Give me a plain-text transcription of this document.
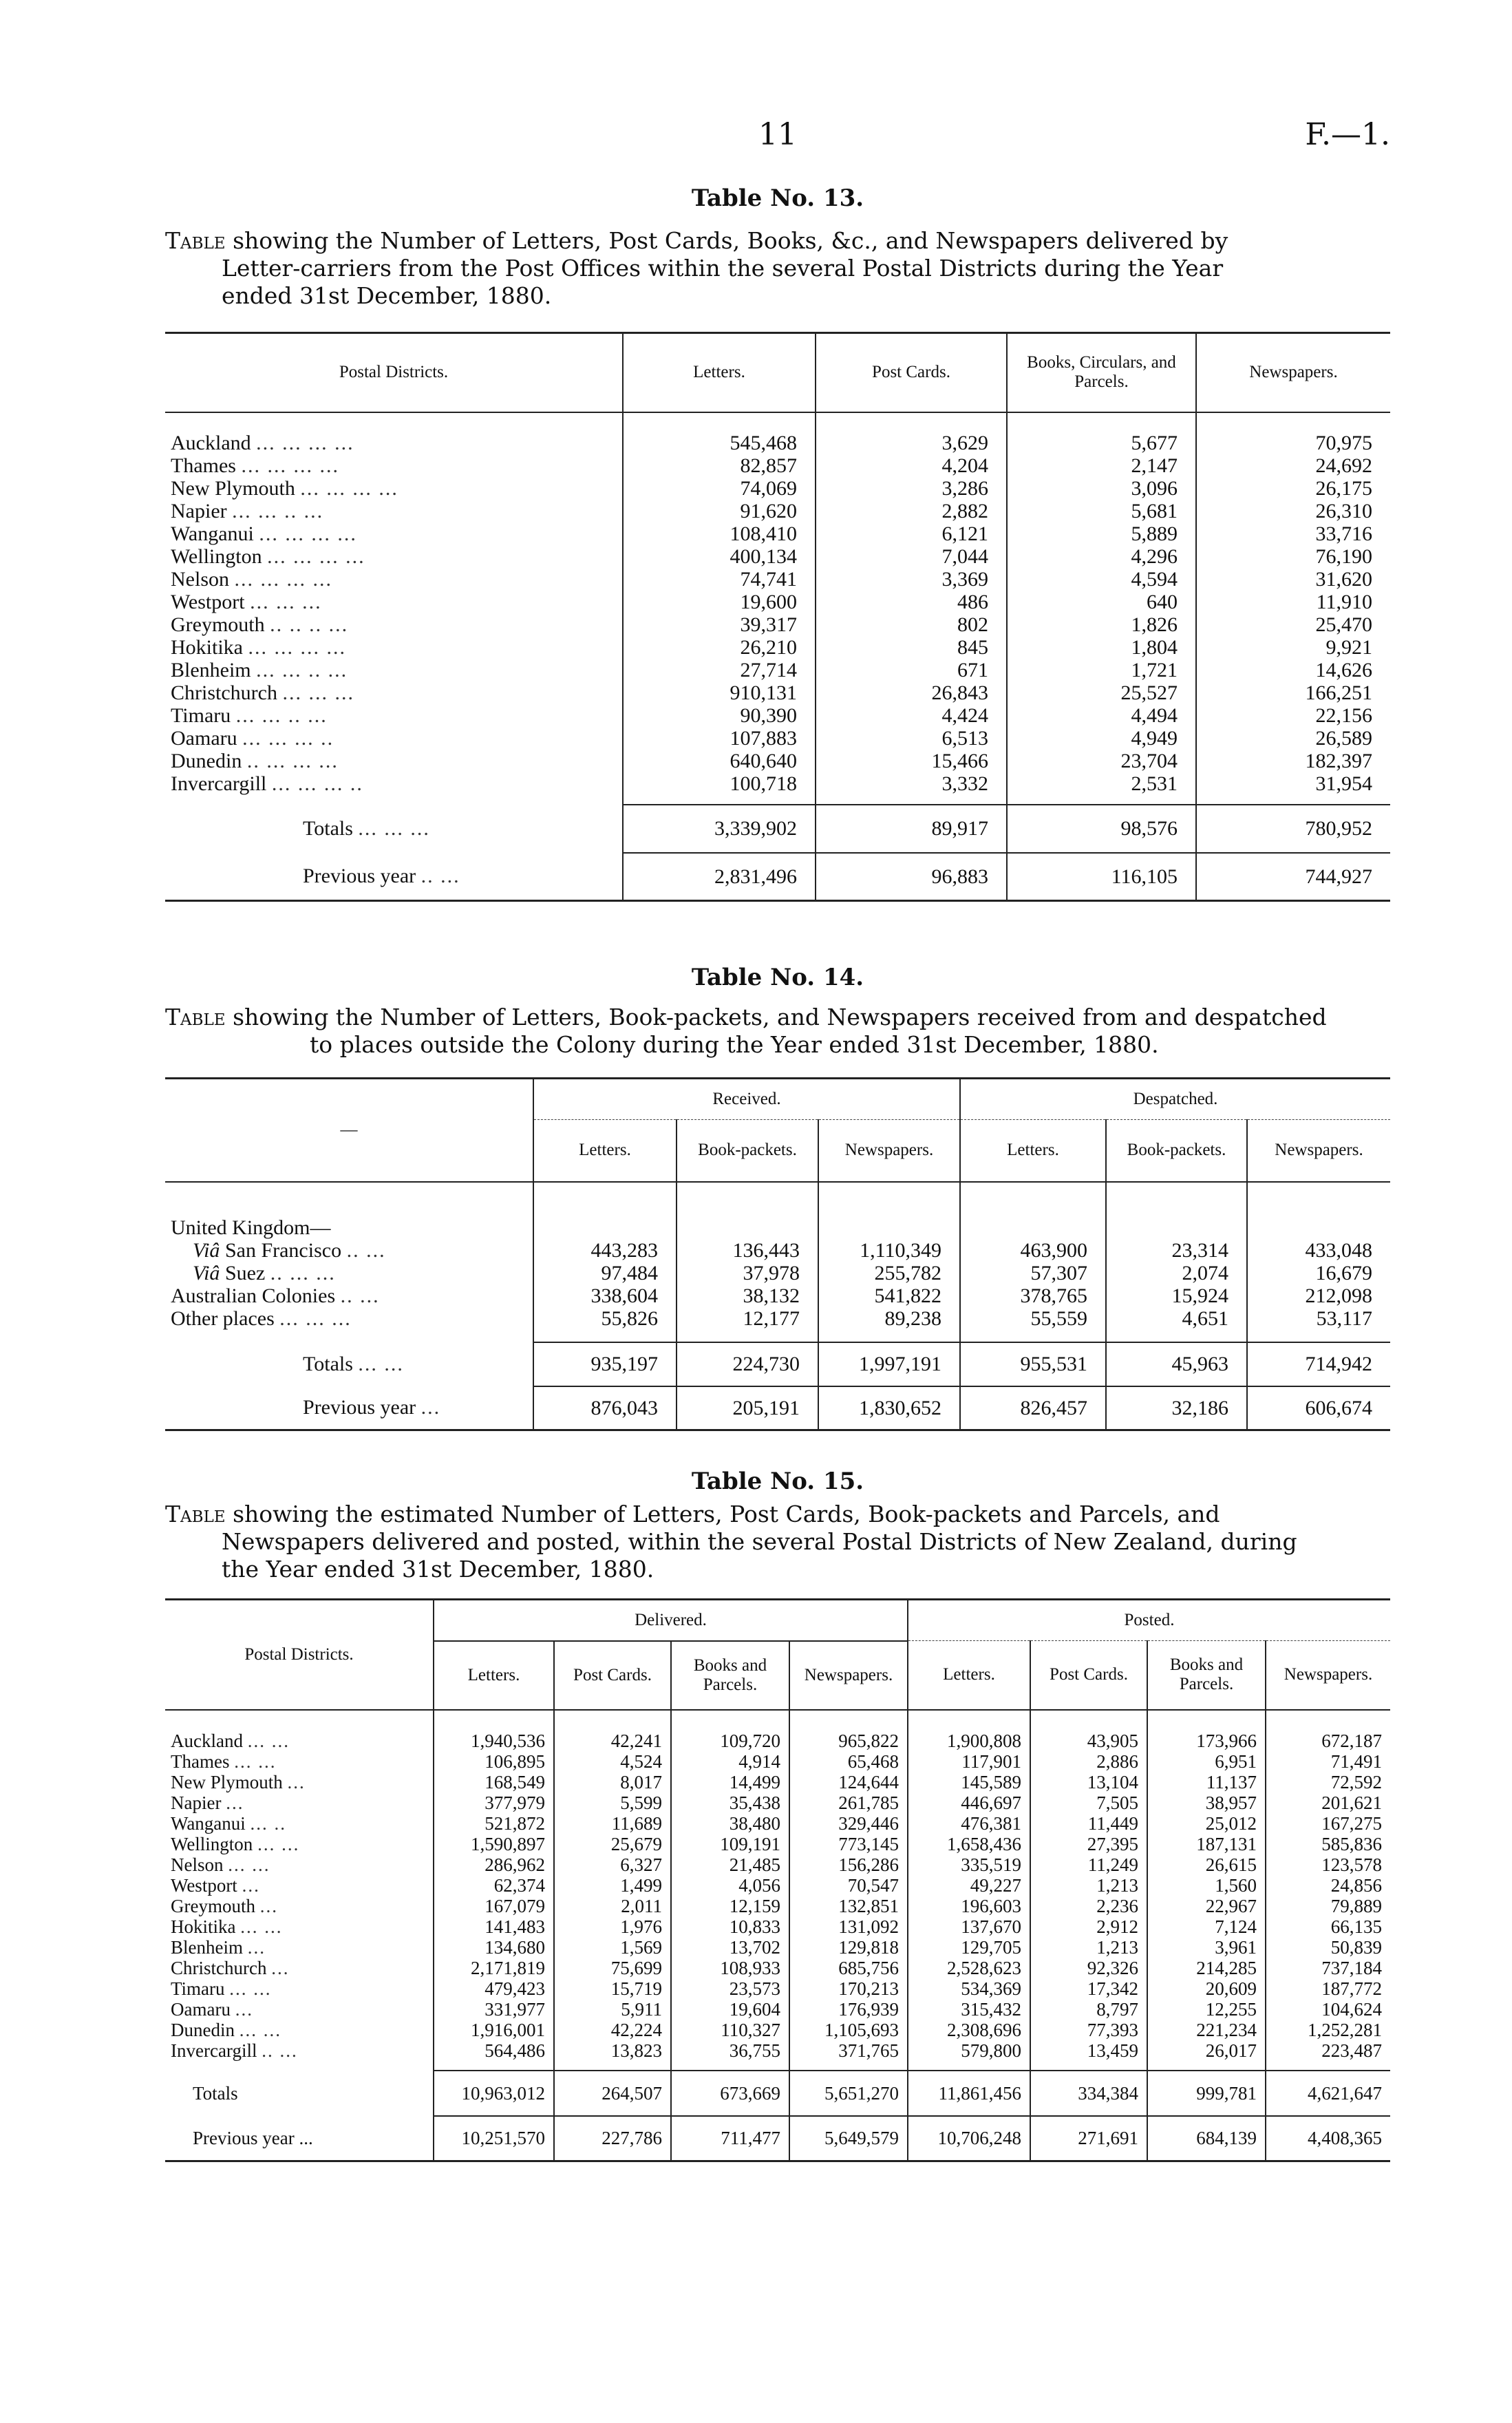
11	F.—1.
Table No. 13.
Table showing the Number of Letters, Post Cards, Books, &c., and Newspapers delivered by
Letter-carriers from the Post Offices within the several Postal Districts during the Year
ended 31st December, 1880.
Postal Districts.	Letters.	Post Cards.	Books, Circulars, and Parcels.	Newspapers.

Auckland ... ... ... ...	545,468	3,629	5,677	70,975
Thames ... ... ... ...	82,857	4,204	2,147	24,692
New Plymouth ... ... ... ...	74,069	3,286	3,096	26,175
Napier ... ... .. ...	91,620	2,882	5,681	26,310
Wanganui ... ... ... ...	108,410	6,121	5,889	33,716
Wellington ... ... ... ...	400,134	7,044	4,296	76,190
Nelson ... ... ... ...	74,741	3,369	4,594	31,620
Westport ... ... ...	19,600	486	640	11,910
Greymouth .. .. .. ...	39,317	802	1,826	25,470
Hokitika ... ... ... ...	26,210	845	1,804	9,921
Blenheim ... ... .. ...	27,714	671	1,721	14,626
Christchurch ... ... ...	910,131	26,843	25,527	166,251
Timaru ... ... .. ...	90,390	4,424	4,494	22,156
Oamaru ... ... ... ..	107,883	6,513	4,949	26,589
Dunedin .. ... ... ...	640,640	15,466	23,704	182,397
Invercargill ... ... ... ..	100,718	3,332	2,531	31,954

Totals ... ... ...	3,339,902	89,917	98,576	780,952
Previous year .. ...	2,831,496	96,883	116,105	744,927
Table No. 14.
Table showing the Number of Letters, Book-packets, and Newspapers received from and despatched
to places outside the Colony during the Year ended 31st December, 1880.
—	Received.			Despatched.		
	Letters.	Book-packets.	Newspapers.	Letters.	Book-packets.	Newspapers.

United Kingdom—						
Viâ San Francisco .. ...	443,283	136,443	1,110,349	463,900	23,314	433,048
Viâ Suez .. ... ...	97,484	37,978	255,782	57,307	2,074	16,679
Australian Colonies .. ...	338,604	38,132	541,822	378,765	15,924	212,098
Other places ... ... ...	55,826	12,177	89,238	55,559	4,651	53,117

Totals ... ...	935,197	224,730	1,997,191	955,531	45,963	714,942
Previous year ...	876,043	205,191	1,830,652	826,457	32,186	606,674
Table No. 15.
Table showing the estimated Number of Letters, Post Cards, Book-packets and Parcels, and
Newspapers delivered and posted, within the several Postal Districts of New Zealand, during
the Year ended 31st December, 1880.
Postal Districts.	Delivered.				Posted.			
	Letters.	Post Cards.	Books and Parcels.	Newspapers.	Letters.	Post Cards.	Books and Parcels.	Newspapers.

Auckland ... ...	1,940,536	42,241	109,720	965,822	1,900,808	43,905	173,966	672,187
Thames ... ...	106,895	4,524	4,914	65,468	117,901	2,886	6,951	71,491
New Plymouth ...	168,549	8,017	14,499	124,644	145,589	13,104	11,137	72,592
Napier ...	377,979	5,599	35,438	261,785	446,697	7,505	38,957	201,621
Wanganui ... ..	521,872	11,689	38,480	329,446	476,381	11,449	25,012	167,275
Wellington ... ...	1,590,897	25,679	109,191	773,145	1,658,436	27,395	187,131	585,836
Nelson ... ...	286,962	6,327	21,485	156,286	335,519	11,249	26,615	123,578
Westport ...	62,374	1,499	4,056	70,547	49,227	1,213	1,560	24,856
Greymouth ...	167,079	2,011	12,159	132,851	196,603	2,236	22,967	79,889
Hokitika ... ...	141,483	1,976	10,833	131,092	137,670	2,912	7,124	66,135
Blenheim ...	134,680	1,569	13,702	129,818	129,705	1,213	3,961	50,839
Christchurch ...	2,171,819	75,699	108,933	685,756	2,528,623	92,326	214,285	737,184
Timaru ... ...	479,423	15,719	23,573	170,213	534,369	17,342	20,609	187,772
Oamaru ...	331,977	5,911	19,604	176,939	315,432	8,797	12,255	104,624
Dunedin ... ...	1,916,001	42,224	110,327	1,105,693	2,308,696	77,393	221,234	1,252,281
Invercargill .. ...	564,486	13,823	36,755	371,765	579,800	13,459	26,017	223,487

Totals	10,963,012	264,507	673,669	5,651,270	11,861,456	334,384	999,781	4,621,647
Previous year ...	10,251,570	227,786	711,477	5,649,579	10,706,248	271,691	684,139	4,408,365
